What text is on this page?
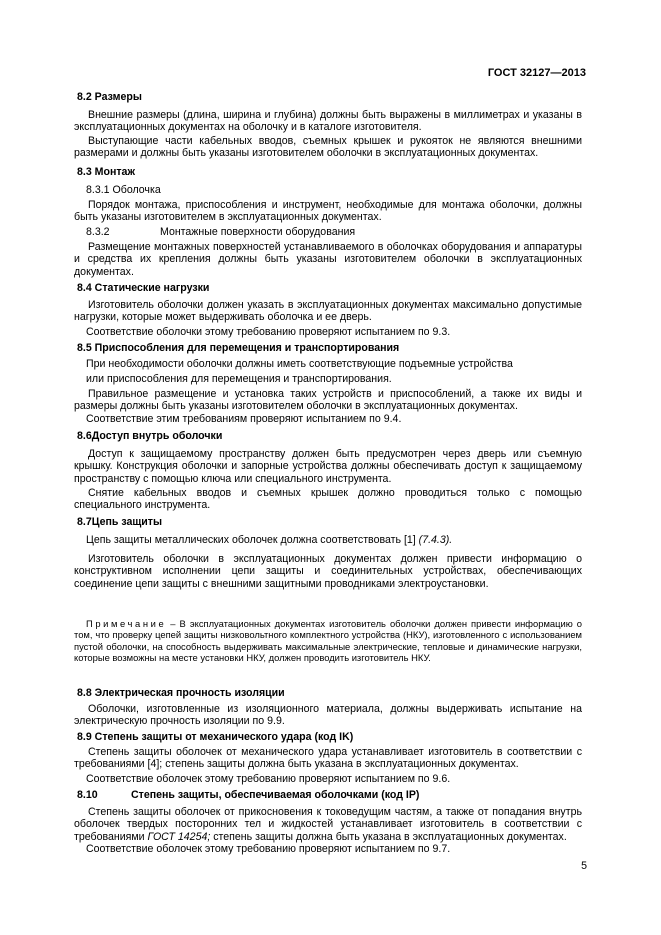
ГОСТ 32127—2013

8.2 Размеры

Внешние размеры (длина, ширина и глубина) должны быть выражены в миллиметрах и указаны в эксплуатационных документах на оболочку и в каталоге изготовителя.

Выступающие части кабельных вводов, съемных крышек и рукояток не являются внешними размерами и должны быть указаны изготовителем оболочки в эксплуатационных документах.

8.3 Монтаж

8.3.1 Оболочка

Порядок монтажа, приспособления и инструмент, необходимые для монтажа оболочки, должны быть указаны изготовителем в эксплуатационных документах.

8.3.2	Монтажные поверхности оборудования

Размещение монтажных поверхностей устанавливаемого в оболочках оборудования и аппаратуры и средства их крепления должны быть указаны изготовителем оболочки в эксплуатационных документах.

8.4 Статические нагрузки

Изготовитель оболочки должен указать в эксплуатационных документах максимально допустимые нагрузки, которые может выдерживать оболочка и ее дверь.

Соответствие оболочки этому требованию проверяют испытанием по 9.3.

8.5 Приспособления для перемещения и транспортирования

При необходимости оболочки должны иметь соответствующие подъемные устройства

или приспособления для перемещения и транспортирования.

Правильное размещение и установка таких устройств и приспособлений, а также их виды и размеры должны быть указаны изготовителем оболочки в эксплуатационных документах.

Соответствие этим требованиям проверяют испытанием по 9.4.

8.6Доступ внутрь оболочки

Доступ к защищаемому пространству должен быть предусмотрен через дверь или съемную крышку. Конструкция оболочки и запорные устройства должны обеспечивать доступ к защищаемому пространству с помощью ключа или специального инструмента.

Снятие кабельных вводов и съемных крышек должно проводиться только с помощью специального инструмента.

8.7Цепь защиты

Цепь защиты металлических оболочек должна соответствовать [1] (7.4.3).

Изготовитель оболочки в эксплуатационных документах должен привести информацию о конструктивном исполнении цепи защиты и соединительных устройствах, обеспечивающих соединение цепи защиты с внешними защитными проводниками электроустановки.

Примечание – В эксплуатационных документах изготовитель оболочки должен привести информацию о том, что проверку цепей защиты низковольтного комплектного устройства (НКУ), изготовленного с использованием пустой оболочки, на способность выдерживать максимальные электрические, тепловые и динамические нагрузки, которые возможны на месте установки НКУ, должен проводить изготовитель НКУ.

8.8 Электрическая прочность изоляции

Оболочки, изготовленные из изоляционного материала, должны выдерживать испытание на электрическую прочность изоляции по 9.9.

8.9 Степень защиты от механического удара (код IK)

Степень защиты оболочек от механического удара устанавливает изготовитель в соответствии с требованиями [4]; степень защиты должна быть указана в эксплуатационных документах.

Соответствие оболочек этому требованию проверяют испытанием по 9.6.

8.10	Степень защиты, обеспечиваемая оболочками (код IP)

Степень защиты оболочек от прикосновения к токоведущим частям, а также от попадания внутрь оболочек твердых посторонних тел и жидкостей устанавливает изготовитель в соответствии с требованиями ГОСТ 14254; степень защиты должна быть указана в эксплуатационных документах.

Соответствие оболочек этому требованию проверяют испытанием по 9.7.

5
